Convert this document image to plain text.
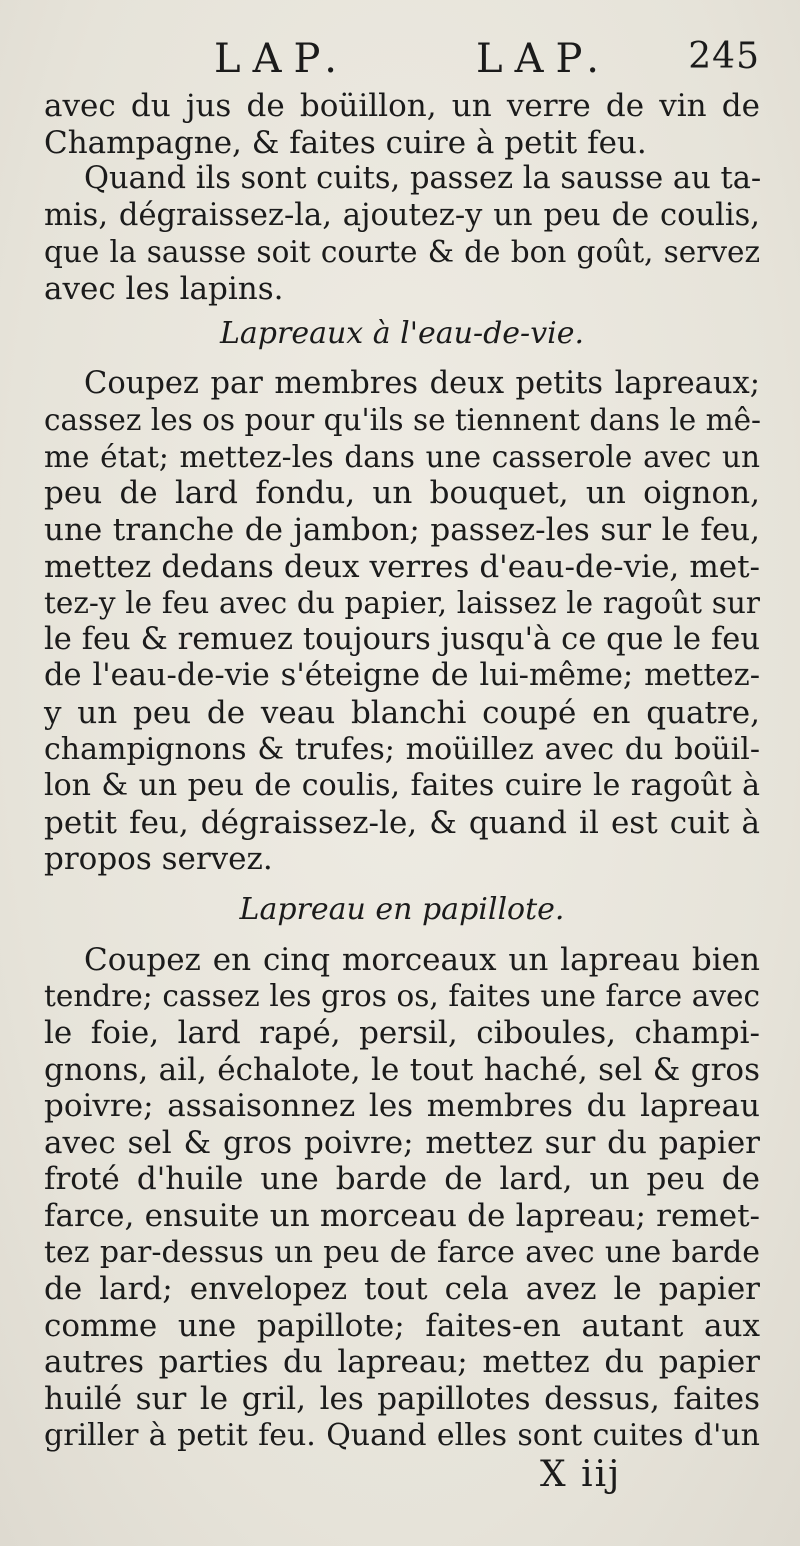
LAP.	LAP. 245
avec du jus de boüillon, un verre de vin de
Champagne, & faites cuire à petit feu.
Quand ils sont cuits, passez la sausse au ta-
mis, dégraissez-la, ajoutez-y un peu de coulis,
que la sausse soit courte & de bon goût, servez
avec les lapins.
Lapreaux à l'eau-de-vie.
Coupez par membres deux petits lapreaux;
cassez les os pour qu'ils se tiennent dans le mê-
me état; mettez-les dans une casserole avec un
peu de lard fondu, un bouquet, un oignon,
une tranche de jambon; passez-les sur le feu,
mettez dedans deux verres d'eau-de-vie, met-
tez-y le feu avec du papier, laissez le ragoût sur
le feu & remuez toujours jusqu'à ce que le feu
de l'eau-de-vie s'éteigne de lui-même; mettez-
y un peu de veau blanchi coupé en quatre,
champignons & trufes; moüillez avec du boüil-
lon & un peu de coulis, faites cuire le ragoût à
petit feu, dégraissez-le, & quand il est cuit à
propos servez.
Lapreau en papillote.
Coupez en cinq morceaux un lapreau bien
tendre; cassez les gros os, faites une farce avec
le foie, lard rapé, persil, ciboules, champi-
gnons, ail, échalote, le tout haché, sel & gros
poivre; assaisonnez les membres du lapreau
avec sel & gros poivre; mettez sur du papier
froté d'huile une barde de lard, un peu de
farce, ensuite un morceau de lapreau; remet-
tez par-dessus un peu de farce avec une barde
de lard; envelopez tout cela avez le papier
comme une papillote; faites-en autant aux
autres parties du lapreau; mettez du papier
huilé sur le gril, les papillotes dessus, faites
griller à petit feu. Quand elles sont cuites d'un
X iij
